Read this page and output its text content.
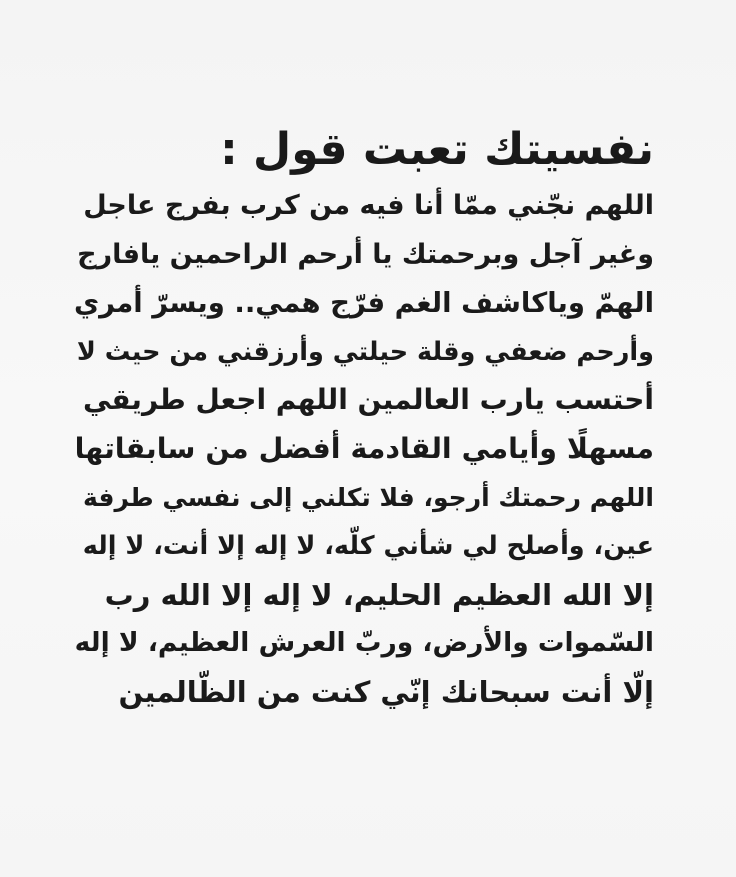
نفسيتك تعبت قول :
اللهم نجّني ممّا أنا فيه من كرب بفرج عاجل
وغير آجل وبرحمتك يا أرحم الراحمين يافارج
الهمّ وياكاشف الغم فرّج همي.. ويسرّ أمري
وأرحم ضعفي وقلة حيلتي وأرزقني من حيث لا
أحتسب يارب العالمين اللهم اجعل طريقي
مسهلًا وأيامي القادمة أفضل من سابقاتها
اللهم رحمتك أرجو، فلا تكلني إلى نفسي طرفة
عين، وأصلح لي شأني كلّه، لا إله إلا أنت، لا إله
إلا الله العظيم الحليم، لا إله إلا الله رب
السّموات والأرض، وربّ العرش العظيم، لا إله
إلّا أنت سبحانك إنّي كنت من الظّالمين
